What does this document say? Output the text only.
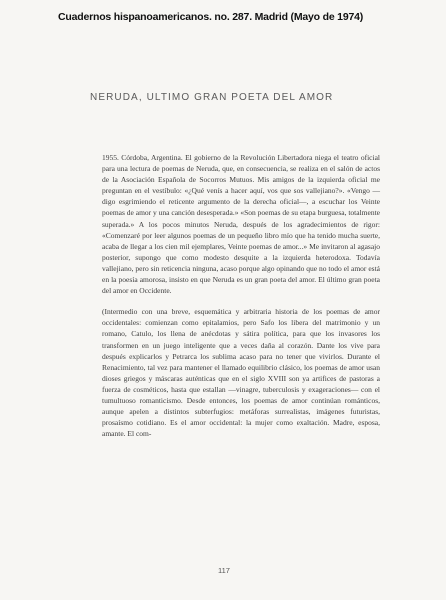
Cuadernos hispanoamericanos. no. 287. Madrid (Mayo de 1974)
NERUDA, ULTIMO GRAN POETA DEL AMOR

1955. Córdoba, Argentina. El gobierno de la Revolución Libertadora niega el teatro oficial para una lectura de poemas de Neruda, que, en consecuencia, se realiza en el salón de actos de la Asociación Española de Socorros Mutuos. Mis amigos de la izquierda oficial me preguntan en el vestíbulo: «¿Qué venís a hacer aquí, vos que sos vallejiano?». «Vengo —digo esgrimiendo el reticente argumento de la derecha oficial—, a escuchar los Veinte poemas de amor y una canción desesperada.» «Son poemas de su etapa burguesa, totalmente superada.» A los pocos minutos Neruda, después de los agradecimientos de rigor: «Comenzaré por leer algunos poemas de un pequeño libro mío que ha tenido mucha suerte, acaba de llegar a los cien mil ejemplares, Veinte poemas de amor...» Me invitaron al agasajo posterior, supongo que como modesto desquite a la izquierda heterodoxa. Todavía vallejiano, pero sin reticencia ninguna, acaso porque algo opinando que no todo el amor está en la poesía amorosa, insisto en que Neruda es un gran poeta del amor. El último gran poeta del amor en Occidente.

(Intermedio con una breve, esquemática y arbitraria historia de los poemas de amor occidentales: comienzan como epitalamios, pero Safo los libera del matrimonio y un romano, Catulo, los llena de anécdotas y sátira política, para que los invasores los transformen en un juego inteligente que a veces daña al corazón. Dante los vive para después explicarlos y Petrarca los sublima acaso para no tener que vivirlos. Durante el Renacimiento, tal vez para mantener el llamado equilibrio clásico, los poemas de amor usan dioses griegos y máscaras auténticas que en el siglo XVIII son ya artifices de pastoras a fuerza de cosméticos, hasta que estallan —vinagre, tuberculosis y exageraciones— con el tumultuoso romanticismo. Desde entonces, los poemas de amor continúan románticos, aunque apelen a distintos subterfugios: metáforas surrealistas, imágenes futuristas, prosaísmo cotidiano. Es el amor occidental: la mujer como exaltación. Madre, esposa, amante. El com-

117
